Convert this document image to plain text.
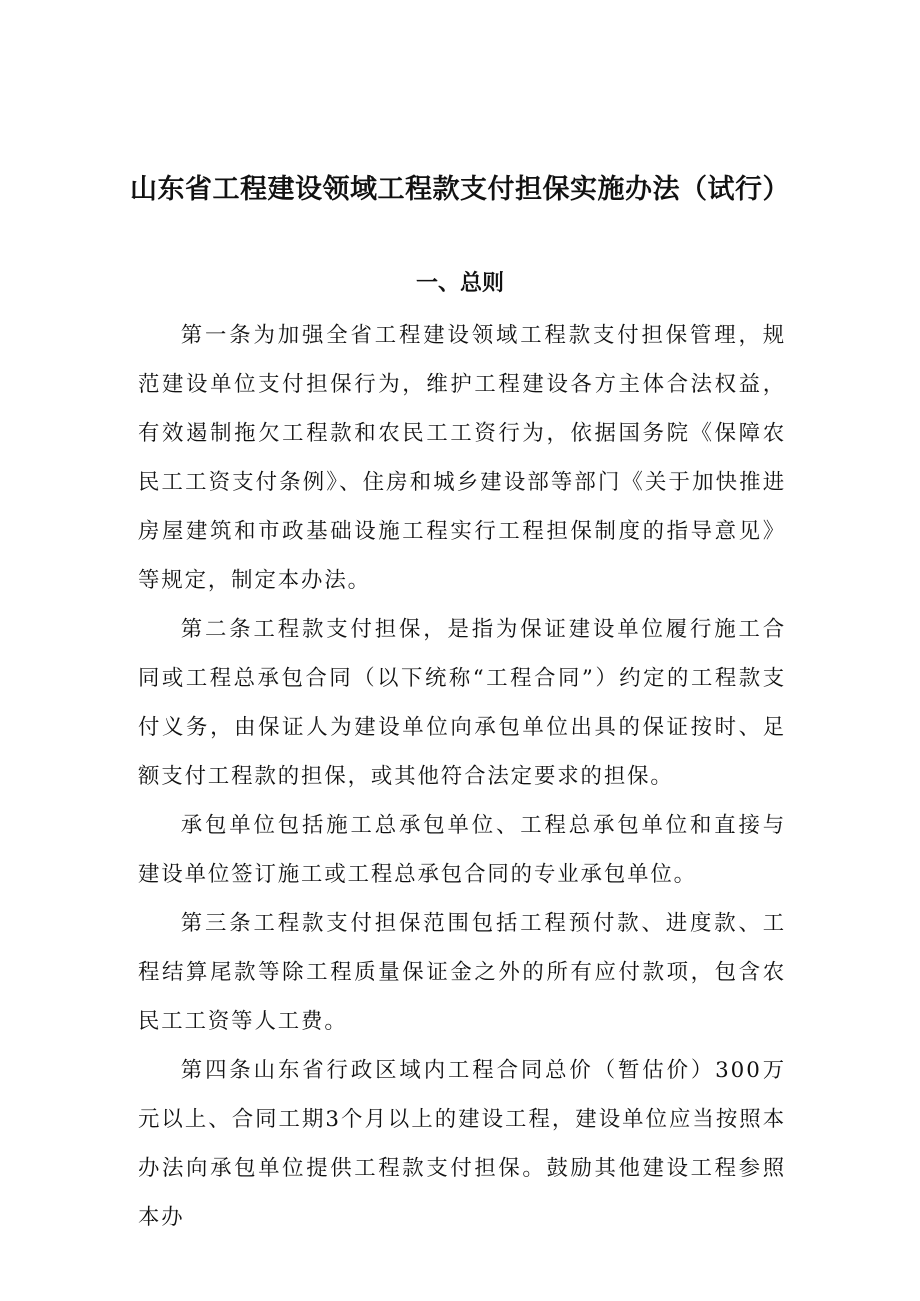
山东省工程建设领域工程款支付担保实施办法（试行）
一、总则

第一条为加强全省工程建设领域工程款支付担保管理，规范建设单位支付担保行为，维护工程建设各方主体合法权益，有效遏制拖欠工程款和农民工工资行为，依据国务院《保障农民工工资支付条例》、住房和城乡建设部等部门《关于加快推进房屋建筑和市政基础设施工程实行工程担保制度的指导意见》等规定，制定本办法。

第二条工程款支付担保，是指为保证建设单位履行施工合同或工程总承包合同（以下统称“工程合同”）约定的工程款支付义务，由保证人为建设单位向承包单位出具的保证按时、足额支付工程款的担保，或其他符合法定要求的担保。

承包单位包括施工总承包单位、工程总承包单位和直接与建设单位签订施工或工程总承包合同的专业承包单位。

第三条工程款支付担保范围包括工程预付款、进度款、工程结算尾款等除工程质量保证金之外的所有应付款项，包含农民工工资等人工费。

第四条山东省行政区域内工程合同总价（暂估价）300万元以上、合同工期3个月以上的建设工程，建设单位应当按照本办法向承包单位提供工程款支付担保。鼓励其他建设工程参照本办
